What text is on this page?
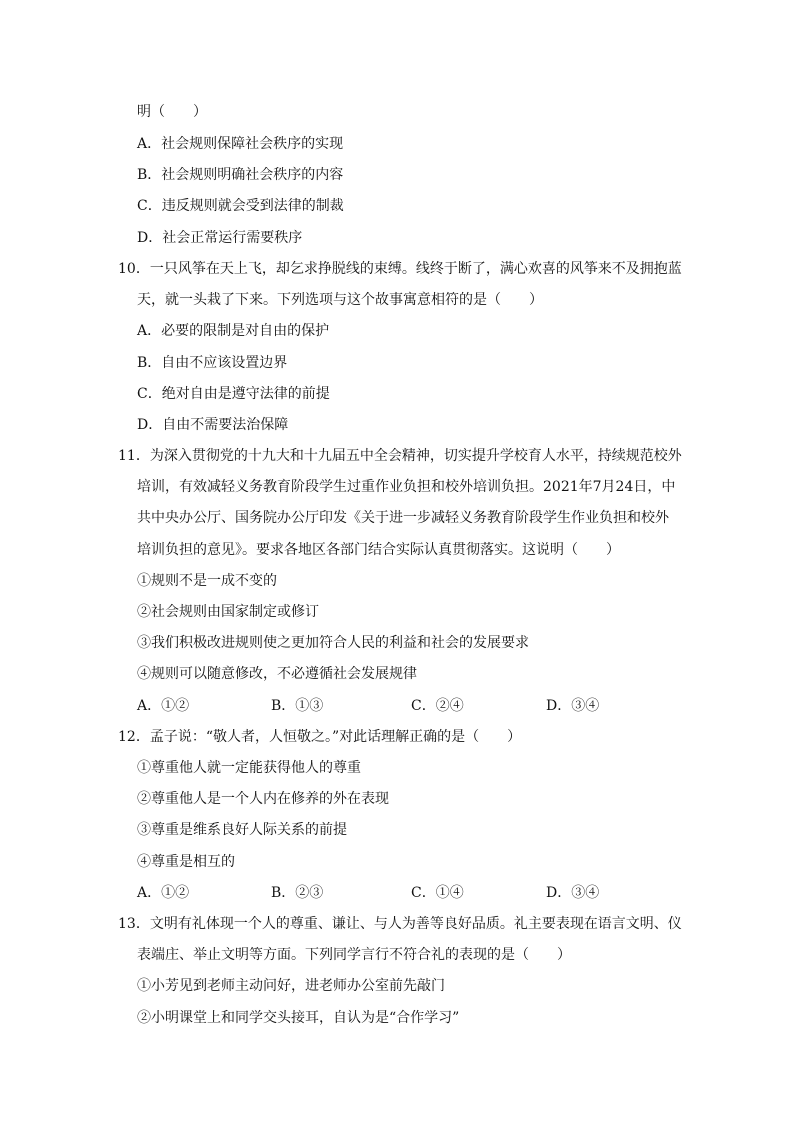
明（　　）
A．社会规则保障社会秩序的实现
B．社会规则明确社会秩序的内容
C．违反规则就会受到法律的制裁
D．社会正常运行需要秩序
10．一只风筝在天上飞，却乞求挣脱线的束缚。线终于断了，满心欢喜的风筝来不及拥抱蓝
天，就一头栽了下来。下列选项与这个故事寓意相符的是（　　）
A．必要的限制是对自由的保护
B．自由不应该设置边界
C．绝对自由是遵守法律的前提
D．自由不需要法治保障
11．为深入贯彻党的十九大和十九届五中全会精神，切实提升学校育人水平，持续规范校外
培训，有效减轻义务教育阶段学生过重作业负担和校外培训负担。2021年7月24日，中
共中央办公厅、国务院办公厅印发《关于进一步减轻义务教育阶段学生作业负担和校外
培训负担的意见》。要求各地区各部门结合实际认真贯彻落实。这说明（　　）
①规则不是一成不变的
②社会规则由国家制定或修订
③我们积极改进规则使之更加符合人民的利益和社会的发展要求
④规则可以随意修改，不必遵循社会发展规律
A．①②	B．①③	C．②④	D．③④
12．孟子说：“敬人者，人恒敬之。”对此话理解正确的是（　　）
①尊重他人就一定能获得他人的尊重
②尊重他人是一个人内在修养的外在表现
③尊重是维系良好人际关系的前提
④尊重是相互的
A．①②	B．②③	C．①④	D．③④
13．文明有礼体现一个人的尊重、谦让、与人为善等良好品质。礼主要表现在语言文明、仪
表端庄、举止文明等方面。下列同学言行不符合礼的表现的是（　　）
①小芳见到老师主动问好，进老师办公室前先敲门
②小明课堂上和同学交头接耳，自认为是“合作学习”
